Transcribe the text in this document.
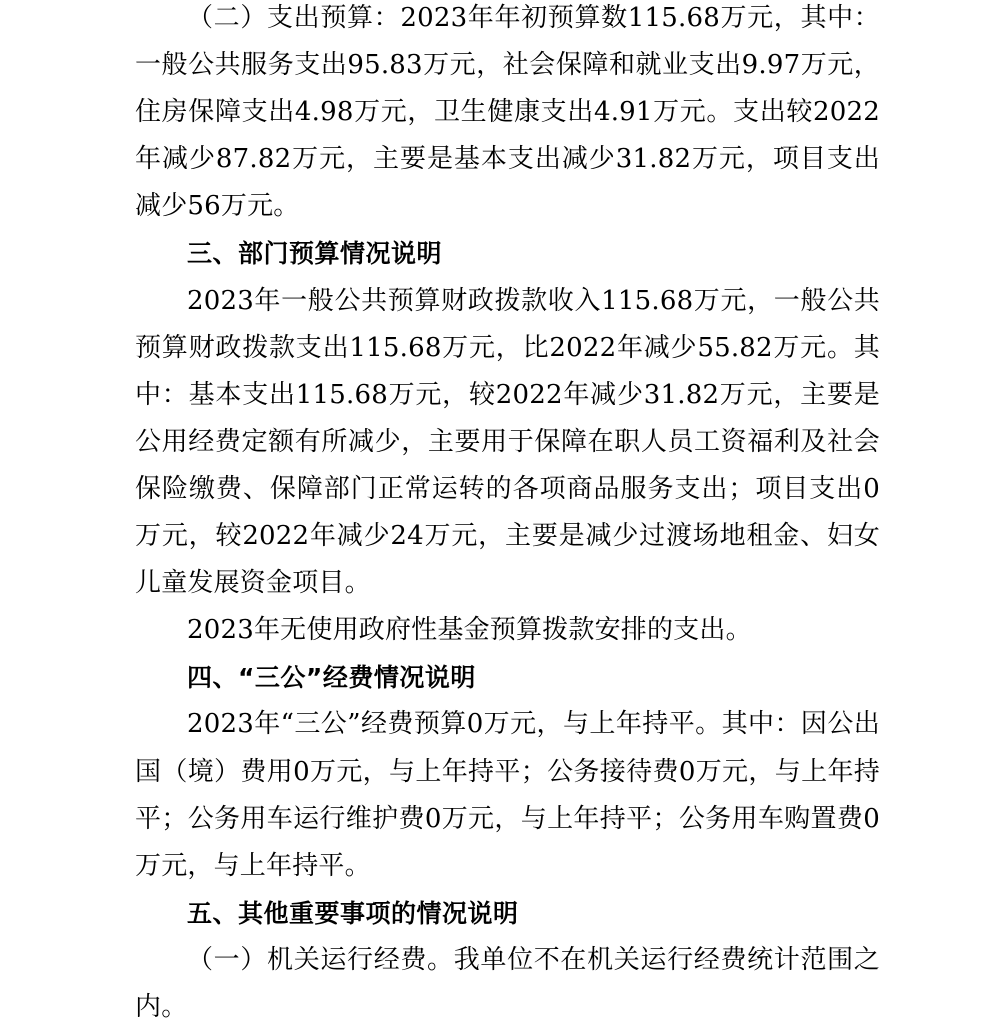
（二）支出预算：2023年年初预算数115.68万元，其中：一般公共服务支出95.83万元，社会保障和就业支出9.97万元，住房保障支出4.98万元，卫生健康支出4.91万元。支出较2022年减少87.82万元，主要是基本支出减少31.82万元，项目支出减少56万元。

三、部门预算情况说明

2023年一般公共预算财政拨款收入115.68万元，一般公共预算财政拨款支出115.68万元，比2022年减少55.82万元。其中：基本支出115.68万元，较2022年减少31.82万元，主要是公用经费定额有所减少，主要用于保障在职人员工资福利及社会保险缴费、保障部门正常运转的各项商品服务支出；项目支出0万元，较2022年减少24万元，主要是减少过渡场地租金、妇女儿童发展资金项目。

2023年无使用政府性基金预算拨款安排的支出。

四、“三公”经费情况说明

2023年“三公”经费预算0万元，与上年持平。其中：因公出国（境）费用0万元，与上年持平；公务接待费0万元，与上年持平；公务用车运行维护费0万元，与上年持平；公务用车购置费0万元，与上年持平。

五、其他重要事项的情况说明

（一）机关运行经费。我单位不在机关运行经费统计范围之内。
